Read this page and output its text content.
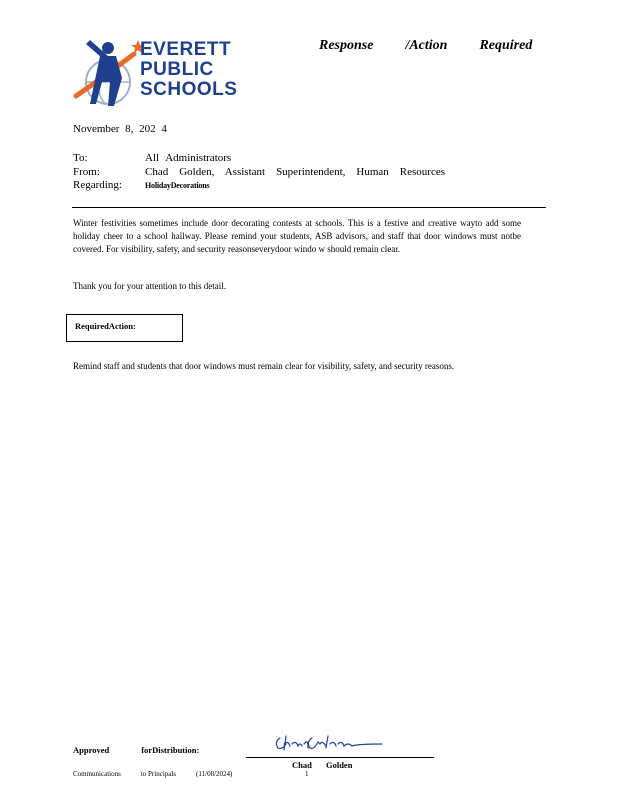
EVERETT
PUBLIC
SCHOOLS
Response /Action Required
November 8, 202 4
To:	All Administrators
From:	Chad Golden, Assistant Superintendent, Human Resources
Regarding:	HolidayDecorations
Winter festivities sometimes include door decorating contests at schools. This is a festive and creative wayto add some holiday cheer to a school hallway. Please remind your students, ASB advisors, and staff that door windows must notbe covered. For visibility, safety, and security reasonseverydoor windo w should remain clear.
Thank you for your attention to this detail.
RequiredAction:
Remind staff and students that door windows must remain clear for visibility, safety, and security reasons.
Approved	forDistribution:
Chad Golden
Communications	to Principals	(11/08/2024)	1
